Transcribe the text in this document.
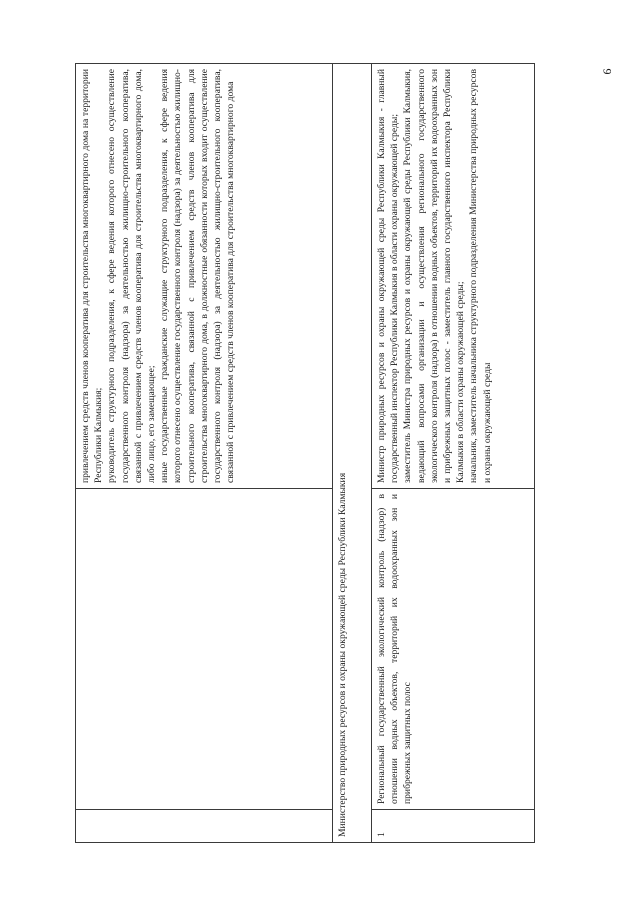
9

		привлечением средств членов кооператива для строительства многоквартирного дома на территории Республики Калмыкия; руководитель структурного подразделения, к сфере ведения которого отнесено осуществление государственного контроля (надзора) за деятельностью жилищно-строительного кооператива, связанной с привлечением средств членов кооператива для строительства многоквартирного дома, либо лицо, его замещающее; иные государственные гражданские служащие структурного подразделения, к сфере ведения которого отнесено осуществление государственного контроля (надзора) за деятельностью жилищно-строительного кооператива, связанной с привлечением средств членов кооператива для строительства многоквартирного дома, в должностные обязанности которых входит осуществление государственного контроля (надзора) за деятельностью жилищно-строительного кооператива, связанной с привлечением средств членов кооператива для строительства многоквартирного дома

Министерство природных ресурсов и охраны окружающей среды Республики Калмыкия		
1	Региональный государственный экологический контроль (надзор) в отношении водных объектов, территорий их водоохранных зон и прибрежных защитных полос	Министр природных ресурсов и охраны окружающей среды Республики Калмыкия - главный государственный инспектор Республики Калмыкия в области охраны окружающей среды; заместитель Министра природных ресурсов и охраны окружающей среды Республики Калмыкия, ведающий вопросами организации и осуществления регионального государственного экологического контроля (надзора) в отношении водных объектов, территорий их водоохранных зон и прибрежных защитных полос - заместитель главного государственного инспектора Республики Калмыкия в области охраны окружающей среды; начальник, заместитель начальника структурного подразделения Министерства природных ресурсов и охраны окружающей среды
